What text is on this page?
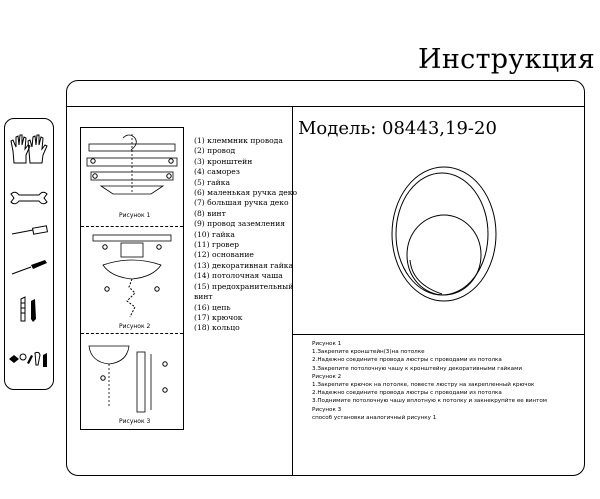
Инструкция
Рисунок 1
Рисунок 2
Рисунок 3
(1) клеммник провода
(2) провод
(3) кронштейн
(4) саморез
(5) гайка
(6) маленькая ручка деко
(7) большая ручка деко
(8) винт
(9) провод заземления
(10) гайка
(11) гровер
(12) основание
(13) декоративная гайка
(14) потолочная чаша
(15) предохранительный
винт
(16) цепь
(17) крючок
(18) кольцо
Модель: 08443,19-20
Рисунок 1
1.Закрепите кронштейн(3)на потолке
2.Надежно соедините провода люстры с проводами из потолка
3.Закрепите потолочную чашу к кронштейну декоративными гайками
Рисунок 2
1.Закрепите крючок на потолке, повесте люстру на закрепленный крючок
2.Надежно соедините провода люстры с проводами из потолка
3.Поднимите потолочную чашу вплотную к потолку и закнекрупйте ее винтом
Рисунок 3
способ установки аналогичный рисунку 1
